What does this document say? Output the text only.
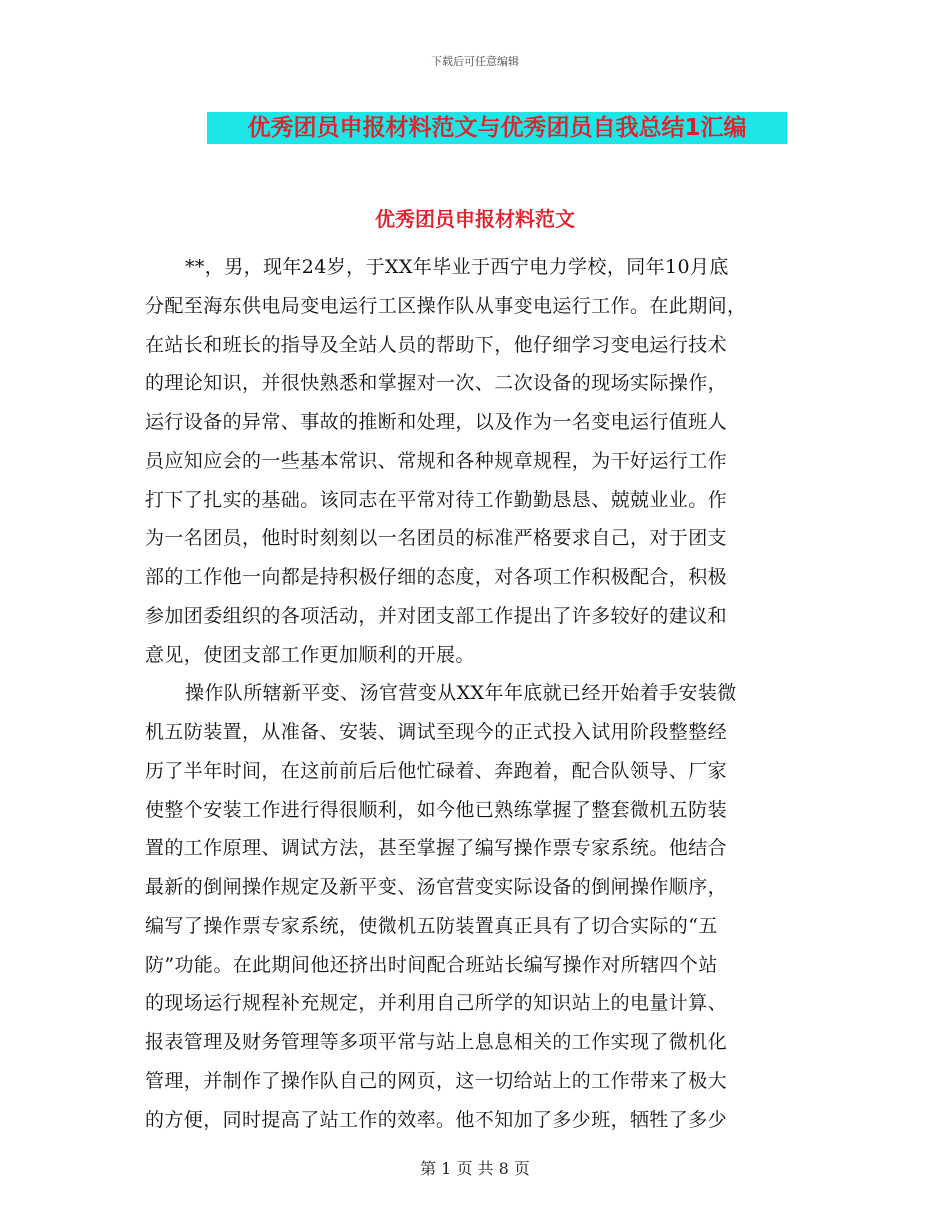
下载后可任意编辑
优秀团员申报材料范文与优秀团员自我总结1汇编
优秀团员申报材料范文
**，男，现年24岁，于XX年毕业于西宁电力学校，同年10月底
分配至海东供电局变电运行工区操作队从事变电运行工作。在此期间，
在站长和班长的指导及全站人员的帮助下，他仔细学习变电运行技术
的理论知识，并很快熟悉和掌握对一次、二次设备的现场实际操作，
运行设备的异常、事故的推断和处理，以及作为一名变电运行值班人
员应知应会的一些基本常识、常规和各种规章规程，为干好运行工作
打下了扎实的基础。该同志在平常对待工作勤勤恳恳、兢兢业业。作
为一名团员，他时时刻刻以一名团员的标准严格要求自己，对于团支
部的工作他一向都是持积极仔细的态度，对各项工作积极配合，积极
参加团委组织的各项活动，并对团支部工作提出了许多较好的建议和
意见，使团支部工作更加顺利的开展。
操作队所辖新平变、汤官营变从XX年年底就已经开始着手安装微
机五防装置，从准备、安装、调试至现今的正式投入试用阶段整整经
历了半年时间，在这前前后后他忙碌着、奔跑着，配合队领导、厂家
使整个安装工作进行得很顺利，如今他已熟练掌握了整套微机五防装
置的工作原理、调试方法，甚至掌握了编写操作票专家系统。他结合
最新的倒闸操作规定及新平变、汤官营变实际设备的倒闸操作顺序，
编写了操作票专家系统，使微机五防装置真正具有了切合实际的“五
防”功能。在此期间他还挤出时间配合班站长编写操作对所辖四个站
的现场运行规程补充规定，并利用自己所学的知识站上的电量计算、
报表管理及财务管理等多项平常与站上息息相关的工作实现了微机化
管理，并制作了操作队自己的网页，这一切给站上的工作带来了极大
的方便，同时提高了站工作的效率。他不知加了多少班，牺牲了多少
第 1 页 共 8 页
